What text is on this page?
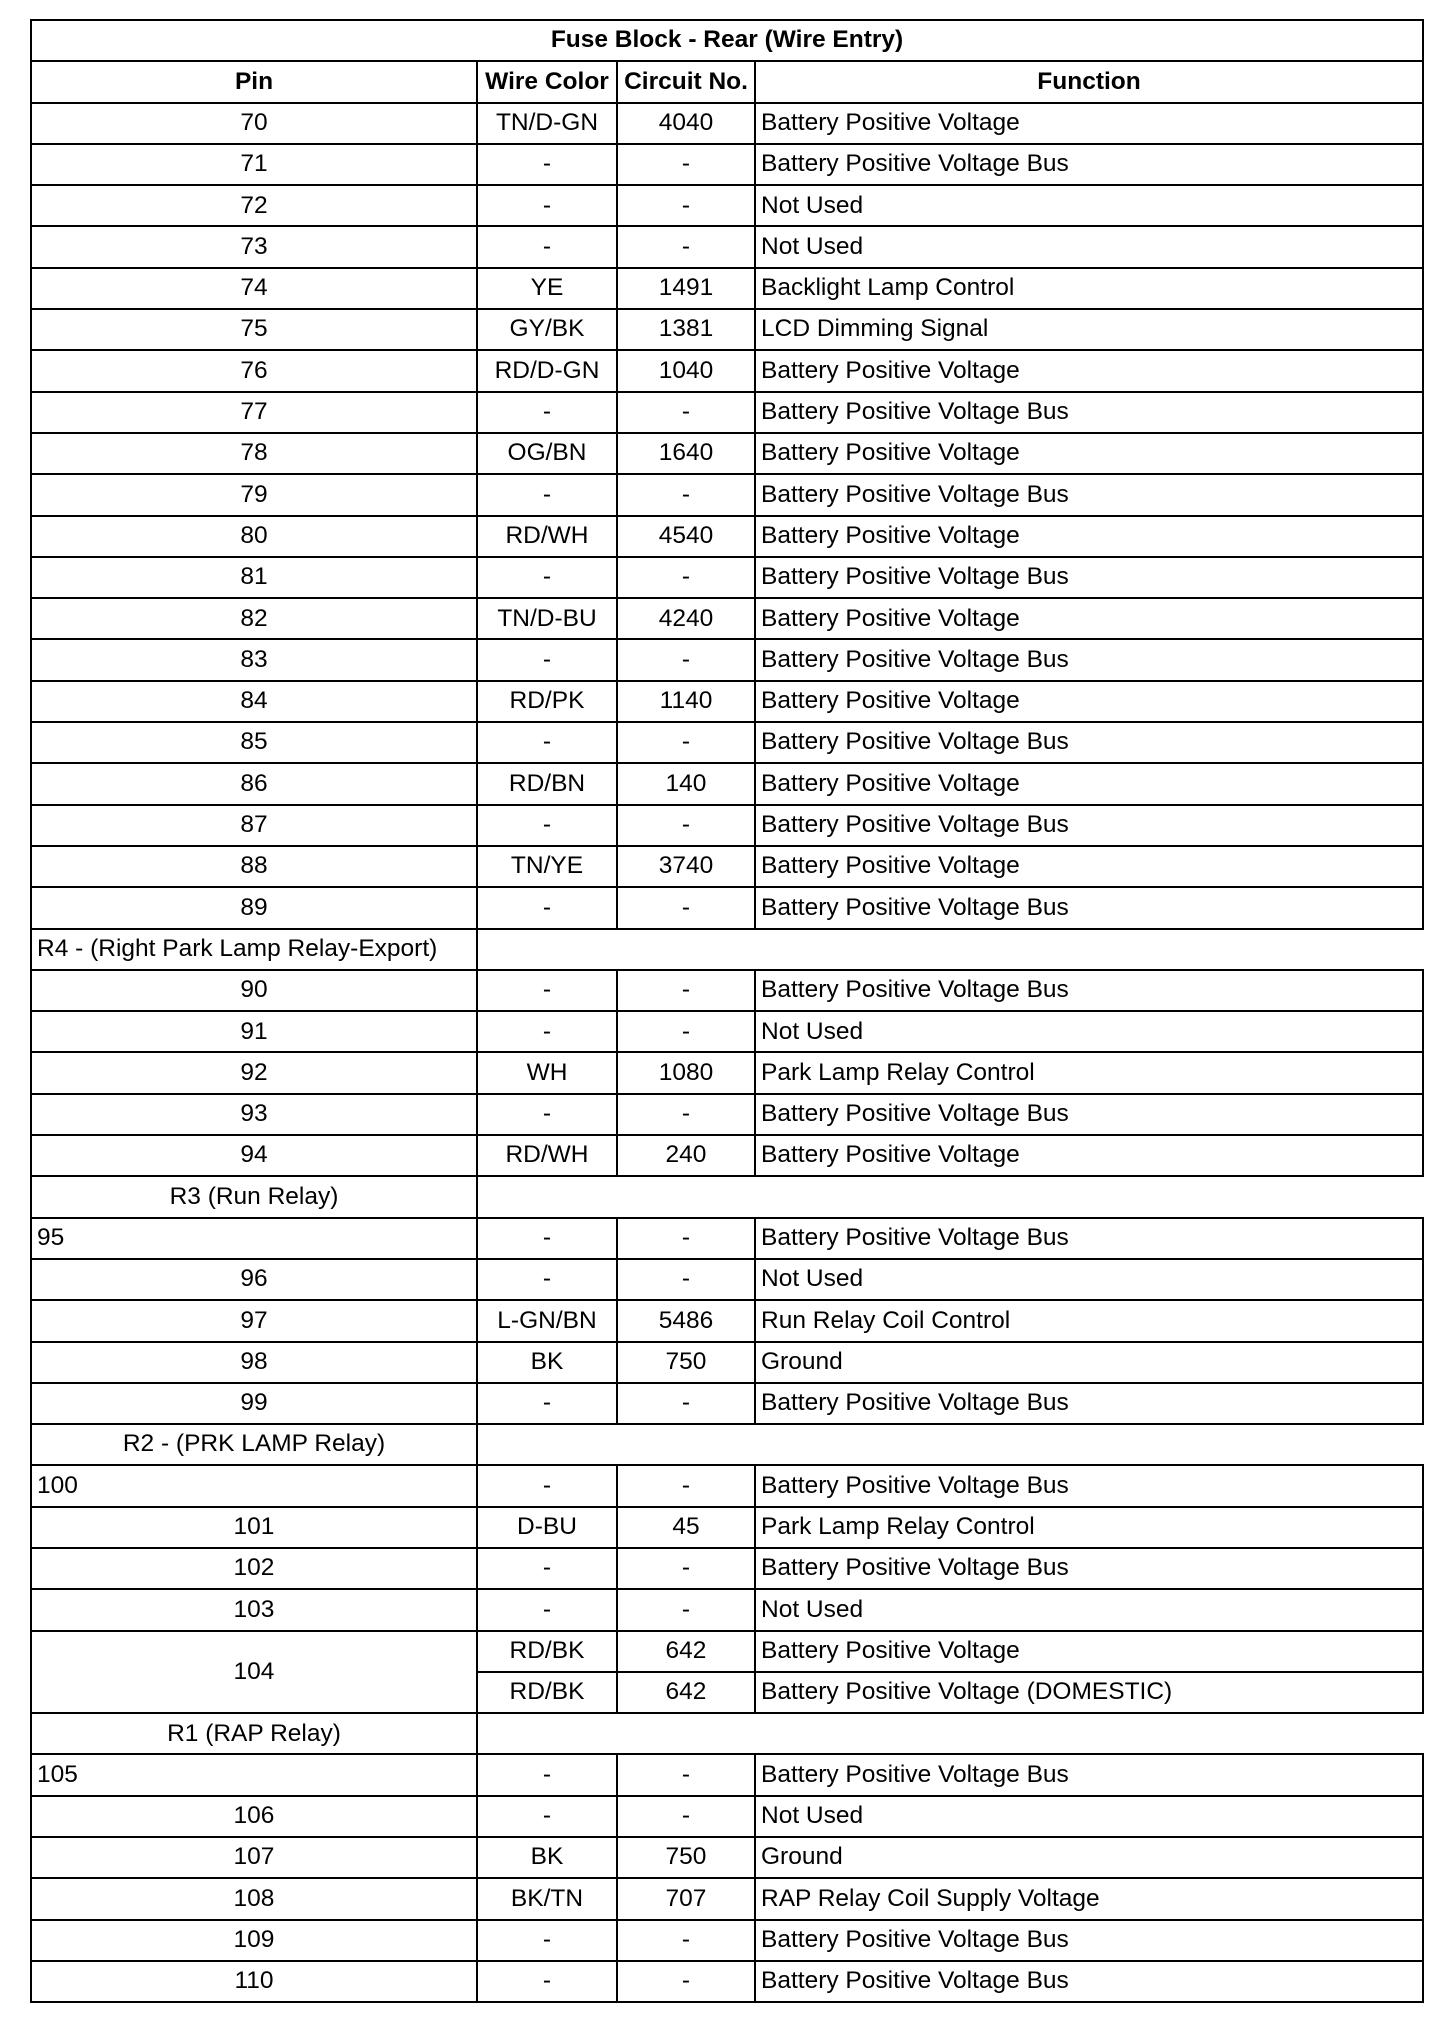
Fuse Block - Rear (Wire Entry)			
Pin	Wire Color	Circuit No.	Function
70	TN/D-GN	4040	Battery Positive Voltage
71	-	-	Battery Positive Voltage Bus
72	-	-	Not Used
73	-	-	Not Used
74	YE	1491	Backlight Lamp Control
75	GY/BK	1381	LCD Dimming Signal
76	RD/D-GN	1040	Battery Positive Voltage
77	-	-	Battery Positive Voltage Bus
78	OG/BN	1640	Battery Positive Voltage
79	-	-	Battery Positive Voltage Bus
80	RD/WH	4540	Battery Positive Voltage
81	-	-	Battery Positive Voltage Bus
82	TN/D-BU	4240	Battery Positive Voltage
83	-	-	Battery Positive Voltage Bus
84	RD/PK	1140	Battery Positive Voltage
85	-	-	Battery Positive Voltage Bus
86	RD/BN	140	Battery Positive Voltage
87	-	-	Battery Positive Voltage Bus
88	TN/YE	3740	Battery Positive Voltage
89	-	-	Battery Positive Voltage Bus
R4 - (Right Park Lamp Relay-Export)			
90	-	-	Battery Positive Voltage Bus
91	-	-	Not Used
92	WH	1080	Park Lamp Relay Control
93	-	-	Battery Positive Voltage Bus
94	RD/WH	240	Battery Positive Voltage
R3 (Run Relay)			
95	-	-	Battery Positive Voltage Bus
96	-	-	Not Used
97	L-GN/BN	5486	Run Relay Coil Control
98	BK	750	Ground
99	-	-	Battery Positive Voltage Bus
R2 - (PRK LAMP Relay)			
100	-	-	Battery Positive Voltage Bus
101	D-BU	45	Park Lamp Relay Control
102	-	-	Battery Positive Voltage Bus
103	-	-	Not Used
104	RD/BK	642	Battery Positive Voltage
	RD/BK	642	Battery Positive Voltage (DOMESTIC)
R1 (RAP Relay)			
105	-	-	Battery Positive Voltage Bus
106	-	-	Not Used
107	BK	750	Ground
108	BK/TN	707	RAP Relay Coil Supply Voltage
109	-	-	Battery Positive Voltage Bus
110	-	-	Battery Positive Voltage Bus
